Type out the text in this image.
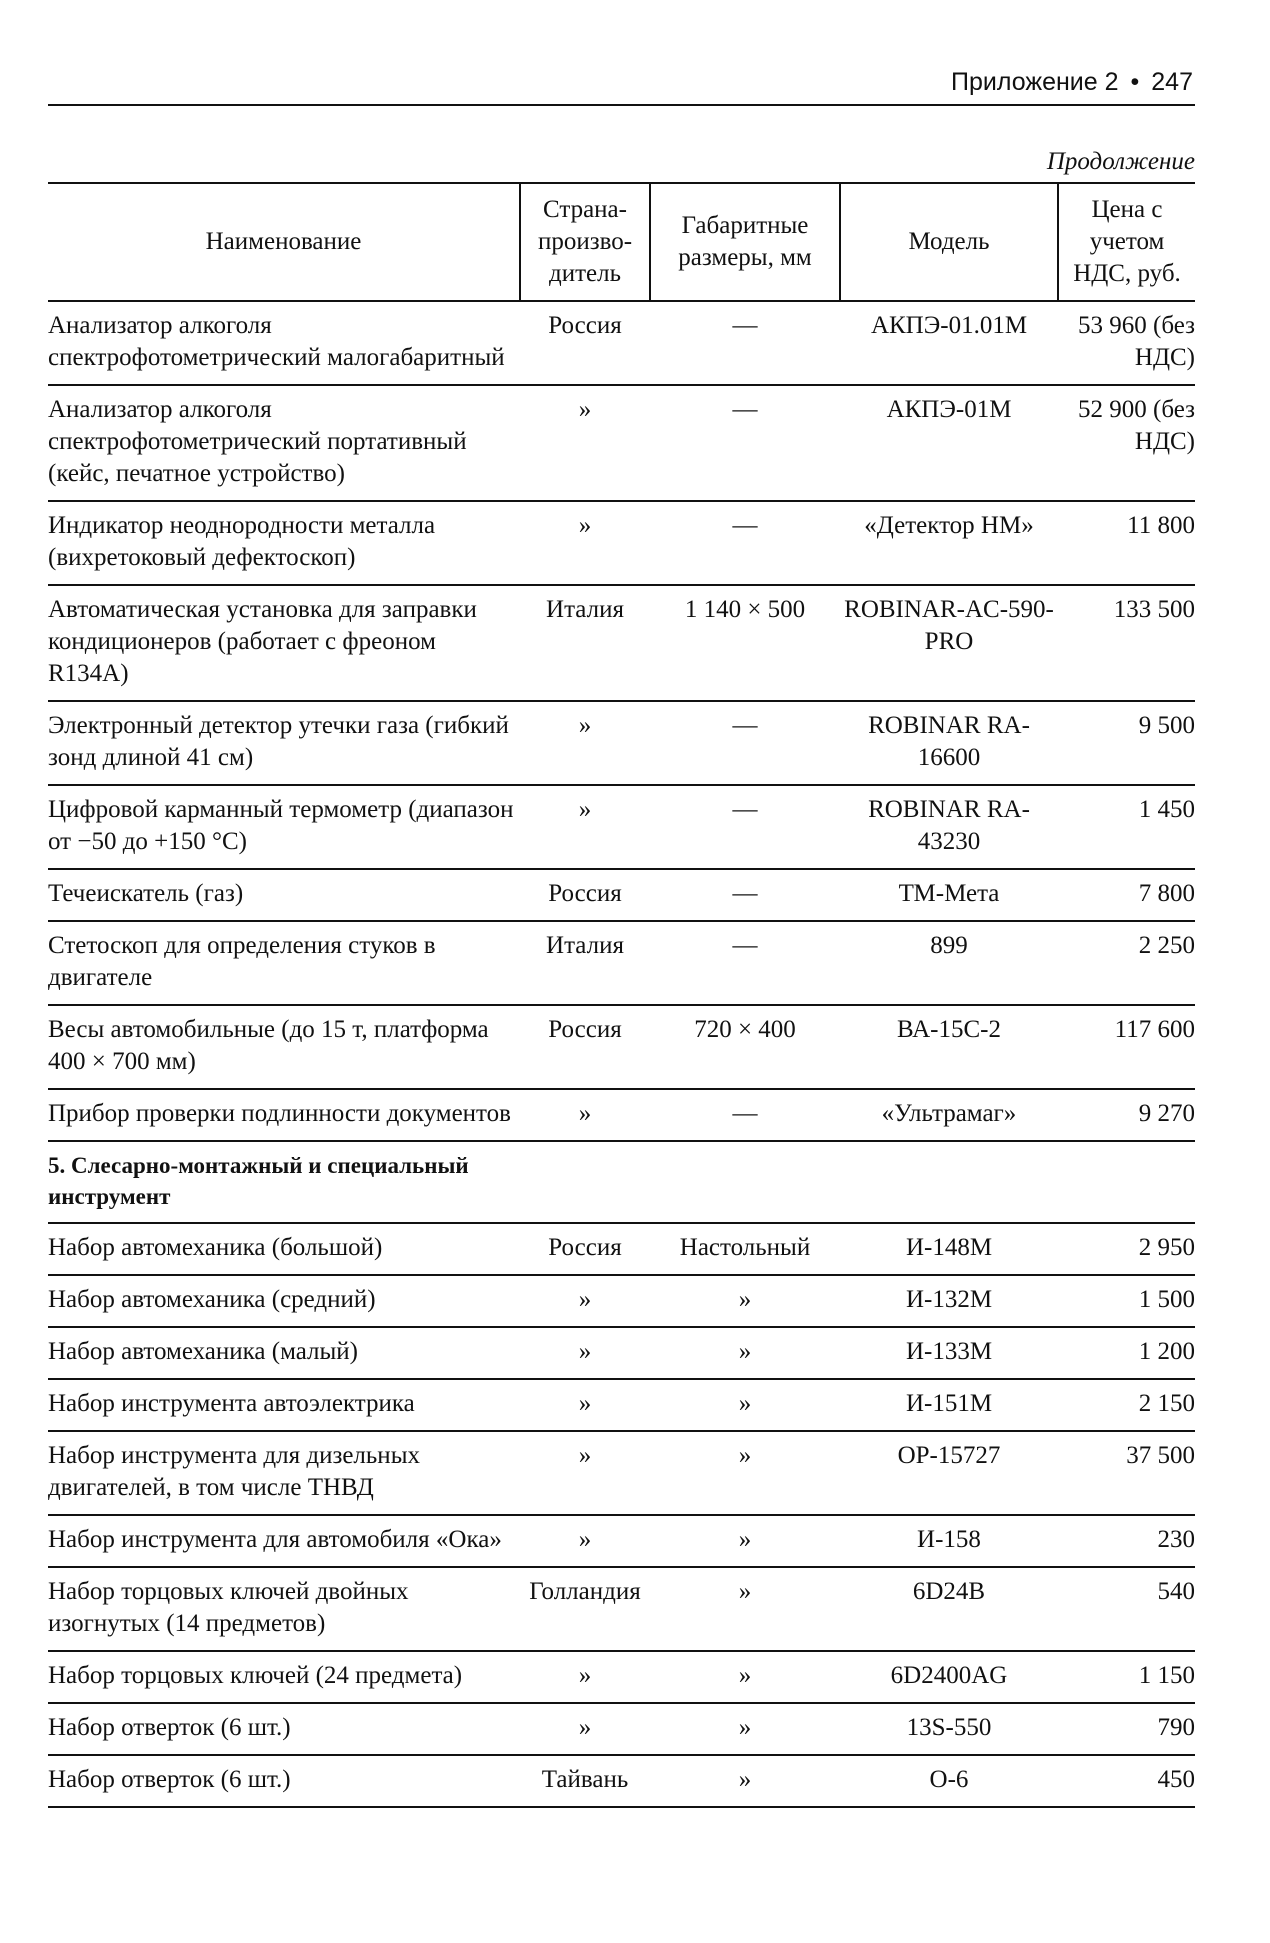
Приложение 2 • 247
Продолжение
Наименование	Страна-произво-дитель	Габаритные размеры, мм	Модель	Цена с учетом НДС, руб.
Анализатор алкоголя спектрофотометрический малогабаритный	Россия	—	АКПЭ-01.01М	53 960 (без НДС)
Анализатор алкоголя спектрофотометрический портативный (кейс, печатное устройство)	»	—	АКПЭ-01М	52 900 (без НДС)
Индикатор неоднородности металла (вихретоковый дефектоскоп)	»	—	«Детектор НМ»	11 800
Автоматическая установка для заправки кондиционеров (работает с фреоном R134A)	Италия	1 140 × 500	ROBINAR-AC-590-PRO	133 500
Электронный детектор утечки газа (гибкий зонд длиной 41 см)	»	—	ROBINAR RA-16600	9 500
Цифровой карманный термометр (диапазон от −50 до +150 °С)	»	—	ROBINAR RA-43230	1 450
Течеискатель (газ)	Россия	—	ТМ-Мета	7 800
Стетоскоп для определения стуков в двигателе	Италия	—	899	2 250
Весы автомобильные (до 15 т, платформа 400 × 700 мм)	Россия	720 × 400	ВА-15С-2	117 600
Прибор проверки подлинности документов	»	—	«Ультрамаг»	9 270
5. Слесарно-монтажный и специальный инструмент				
Набор автомеханика (большой)	Россия	Настольный	И-148М	2 950
Набор автомеханика (средний)	»	»	И-132М	1 500
Набор автомеханика (малый)	»	»	И-133М	1 200
Набор инструмента автоэлектрика	»	»	И-151М	2 150
Набор инструмента для дизельных двигателей, в том числе ТНВД	»	»	ОР-15727	37 500
Набор инструмента для автомобиля «Ока»	»	»	И-158	230
Набор торцовых ключей двойных изогнутых (14 предметов)	Голландия	»	6D24B	540
Набор торцовых ключей (24 предмета)	»	»	6D2400AG	1 150
Набор отверток (6 шт.)	»	»	13S-550	790
Набор отверток (6 шт.)	Тайвань	»	О-6	450
